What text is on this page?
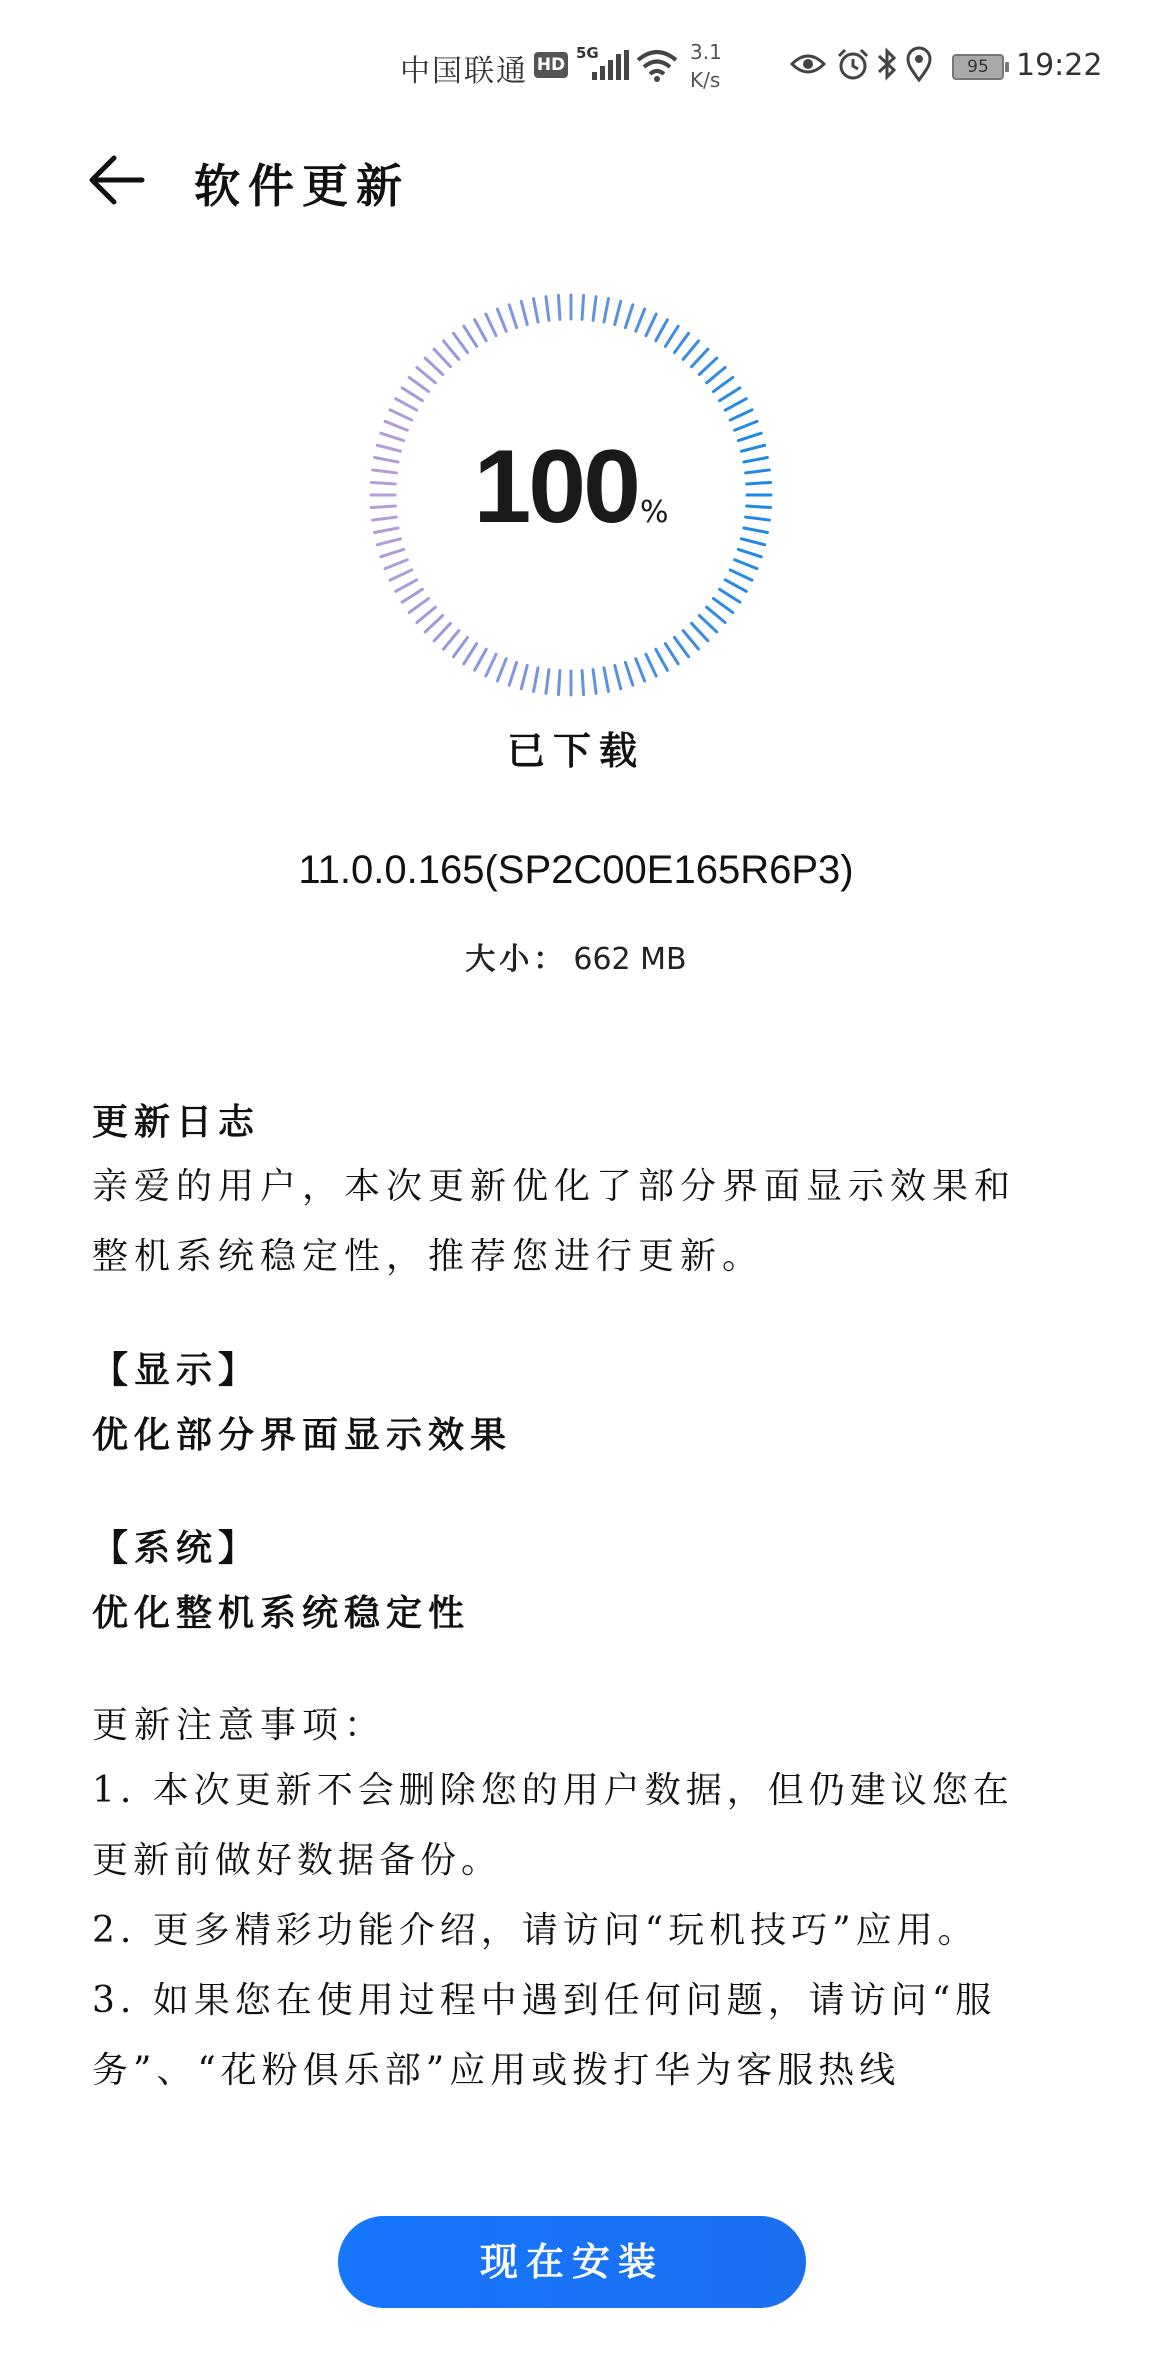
中国联通 HD
5G	3.1
K/s
95 19:22
软件更新
100%
已下载
11.0.0.165(SP2C00E165R6P3)
大小： 662 MB
更新日志

亲爱的用户，本次更新优化了部分界面显示效果和整机系统稳定性，推荐您进行更新。

【显示】

优化部分界面显示效果

【系统】

优化整机系统稳定性

更新注意事项：

1. 本次更新不会删除您的用户数据，但仍建议您在更新前做好数据备份。

2. 更多精彩功能介绍，请访问“玩机技巧”应用。

3. 如果您在使用过程中遇到任何问题，请访问“服务”、“花粉俱乐部”应用或拨打华为客服热线

现在安装
